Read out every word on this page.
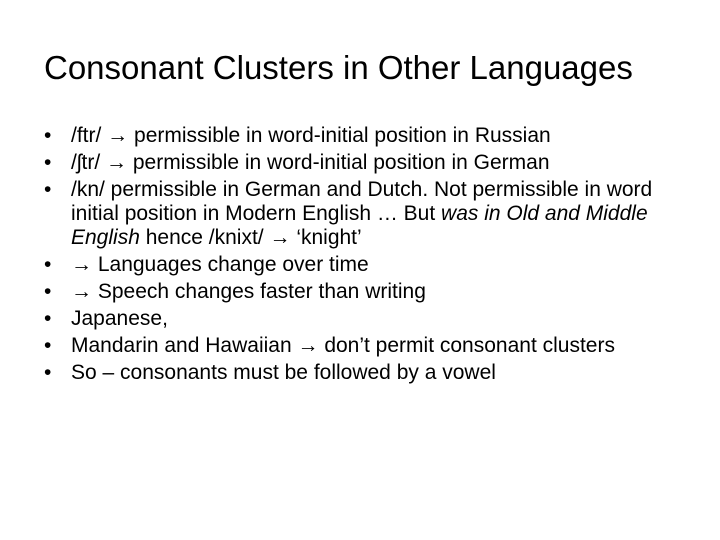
Consonant Clusters in Other Languages
• /ftr/ → permissible in word-initial position in Russian
• /ʃtr/ → permissible in word-initial position in German
• /kn/ permissible in German and Dutch. Not permissible in word initial position in Modern English … But was in Old and Middle English hence /knixt/ → ‘knight’
• → Languages change over time
• → Speech changes faster than writing
• Japanese,
• Mandarin and Hawaiian → don’t permit consonant clusters
• So – consonants must be followed by a vowel
